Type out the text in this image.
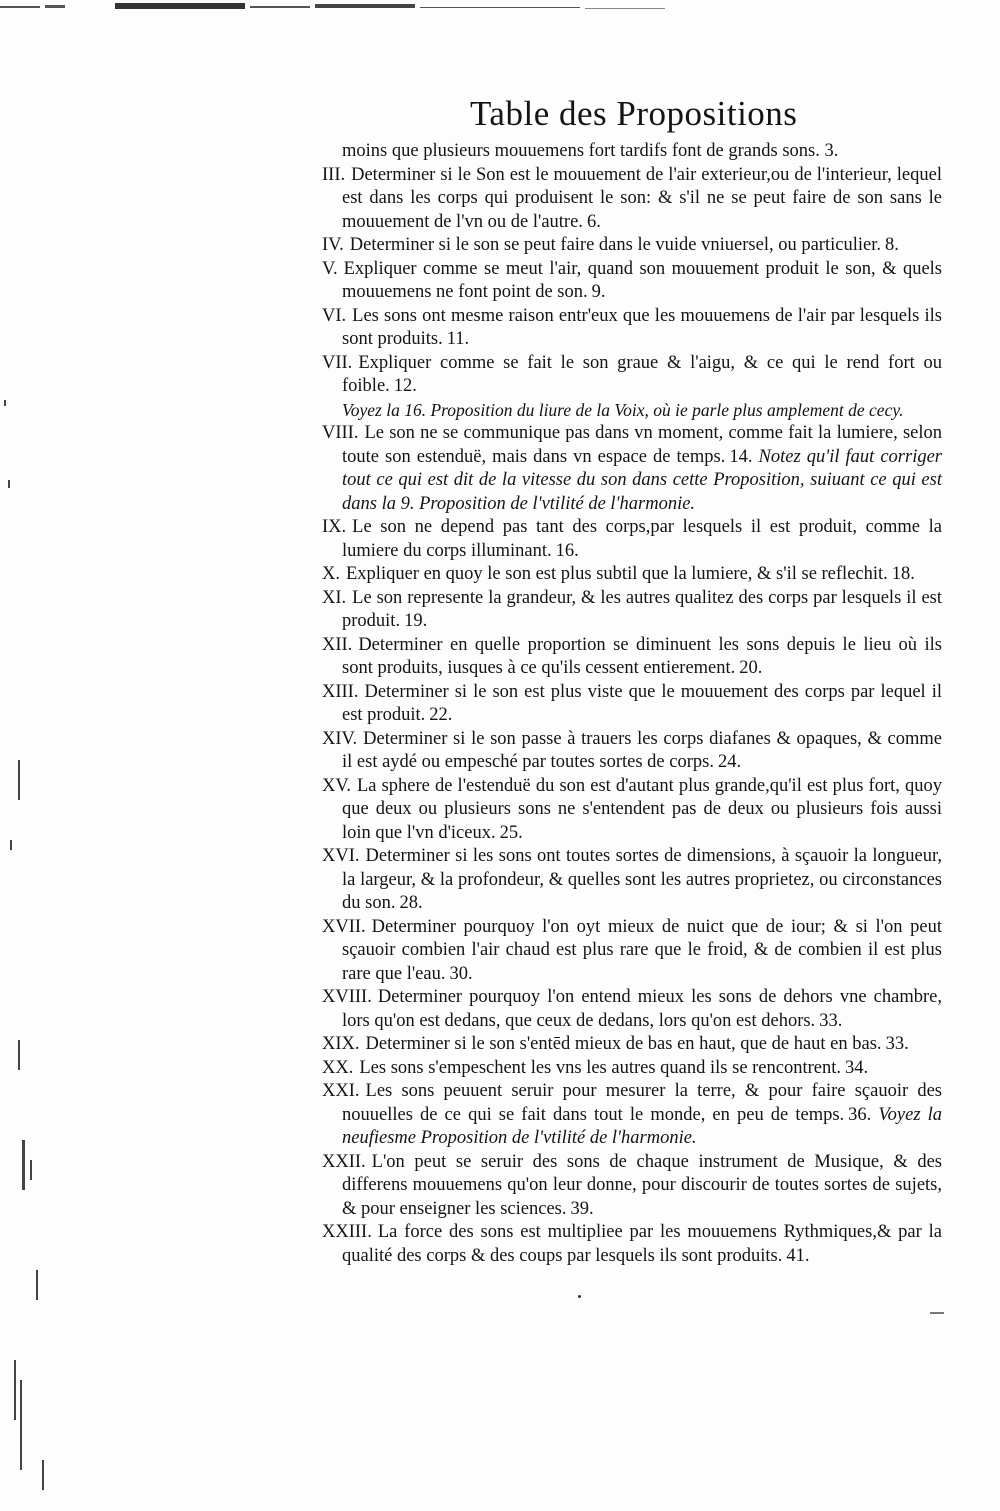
Table des Propositions
moins que plusieurs mouuemens fort tardifs font de grands sons. 3.
III. Determiner si le Son est le mouuement de l'air exterieur,ou de l'interieur, lequel est dans les corps qui produisent le son: & s'il ne se peut faire de son sans le mouuement de l'vn ou de l'autre. 6.
IV. Determiner si le son se peut faire dans le vuide vniuersel, ou particulier. 8.
V. Expliquer comme se meut l'air, quand son mouuement produit le son, & quels mouuemens ne font point de son. 9.
VI. Les sons ont mesme raison entr'eux que les mouuemens de l'air par lesquels ils sont produits. 11.
VII. Expliquer comme se fait le son graue & l'aigu, & ce qui le rend fort ou foible. 12.
Voyez la 16. Proposition du liure de la Voix, où ie parle plus amplement de cecy.
VIII. Le son ne se communique pas dans vn moment, comme fait la lumiere, selon toute son estenduë, mais dans vn espace de temps. 14. Notez qu'il faut corriger tout ce qui est dit de la vitesse du son dans cette Proposition, suiuant ce qui est dans la 9. Proposition de l'vtilité de l'harmonie.
IX. Le son ne depend pas tant des corps,par lesquels il est produit, comme la lumiere du corps illuminant. 16.
X. Expliquer en quoy le son est plus subtil que la lumiere, & s'il se reflechit. 18.
XI. Le son represente la grandeur, & les autres qualitez des corps par lesquels il est produit. 19.
XII. Determiner en quelle proportion se diminuent les sons depuis le lieu où ils sont produits, iusques à ce qu'ils cessent entierement. 20.
XIII. Determiner si le son est plus viste que le mouuement des corps par lequel il est produit. 22.
XIV. Determiner si le son passe à trauers les corps diafanes & opaques, & comme il est aydé ou empesché par toutes sortes de corps. 24.
XV. La sphere de l'estenduë du son est d'autant plus grande,qu'il est plus fort, quoy que deux ou plusieurs sons ne s'entendent pas de deux ou plusieurs fois aussi loin que l'vn d'iceux. 25.
XVI. Determiner si les sons ont toutes sortes de dimensions, à sçauoir la longueur, la largeur, & la profondeur, & quelles sont les autres proprietez, ou circonstances du son. 28.
XVII. Determiner pourquoy l'on oyt mieux de nuict que de iour; & si l'on peut sçauoir combien l'air chaud est plus rare que le froid, & de combien il est plus rare que l'eau. 30.
XVIII. Determiner pourquoy l'on entend mieux les sons de dehors vne chambre, lors qu'on est dedans, que ceux de dedans, lors qu'on est dehors. 33.
XIX. Determiner si le son s'entēd mieux de bas en haut, que de haut en bas. 33.
XX. Les sons s'empeschent les vns les autres quand ils se rencontrent. 34.
XXI. Les sons peuuent seruir pour mesurer la terre, & pour faire sçauoir des nouuelles de ce qui se fait dans tout le monde, en peu de temps. 36. Voyez la neufiesme Proposition de l'vtilité de l'harmonie.
XXII. L'on peut se seruir des sons de chaque instrument de Musique, & des differens mouuemens qu'on leur donne, pour discourir de toutes sortes de sujets, & pour enseigner les sciences. 39.
XXIII. La force des sons est multipliee par les mouuemens Rythmiques,& par la qualité des corps & des coups par lesquels ils sont produits. 41.
